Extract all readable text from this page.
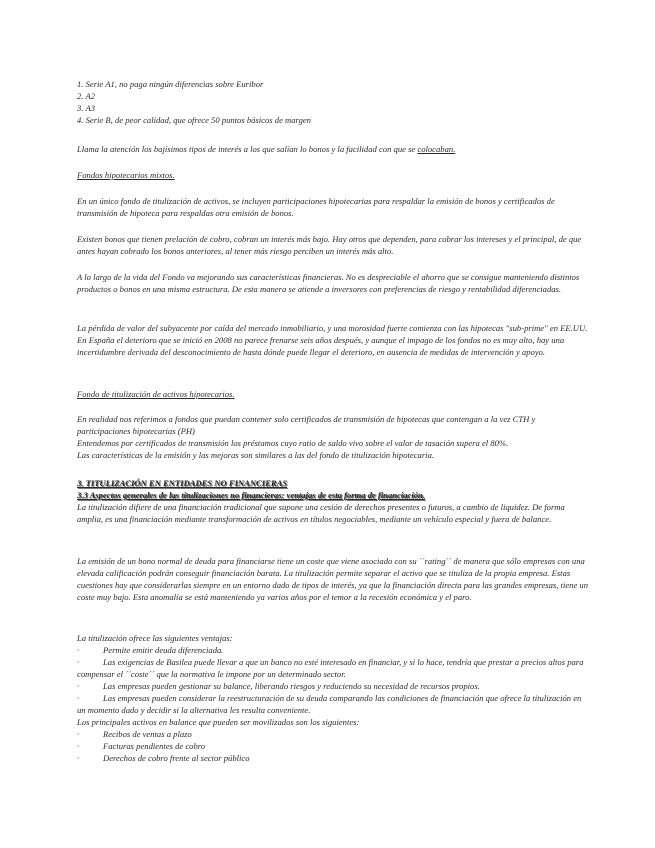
1. Serie A1, no paga ningún diferencias sobre Euribor

2. A2

3. A3

4. Serie B, de peor calidad, que ofrece 50 puntos básicos de margen

Llama la atención los bajísimos tipos de interés a los que salían lo bonos y la facilidad con que se colocaban.

Fondos hipotecarios mixtos.

En un único fondo de titulización de activos, se incluyen participaciones hipotecarias para respaldar la emisión de bonos y certificados de transmisión de hipoteca para respaldas otra emisión de bonos.

Existen bonos que tienen prelación de cobro, cobran un interés más bajo. Hay otros que dependen, para cobrar los intereses y el principal, de que antes hayan cobrado los bonos anteriores, al tener más riesgo perciben un interés más alto.

A lo largo de la vida del Fondo va mejorando sus características financieras. No es despreciable el ahorro que se consigue manteniendo distintos productos o bonos en una misma estructura. De esta manera se atiende a inversores con preferencias de riesgo y rentabilidad diferenciadas.

La pérdida de valor del subyacente por caída del mercado inmobiliario, y una morosidad fuerte comienza con las hipotecas "sub-prime" en EE.UU. En España el deterioro que se inició en 2008 no parece frenarse seis años después, y aunque el impago de los fondos no es muy alto, hay una incertidumbre derivada del desconocimiento de hasta dónde puede llegar el deterioro, en ausencia de medidas de intervención y apoyo.

Fondo de titulización de activos hipotecarios.

En realidad nos referimos a fondos que puedan contener solo certificados de transmisión de hipotecas que contengan a la vez CTH y participaciones hipotecarias (PH)

Entendemos por certificados de transmisión los préstamos cuyo ratio de saldo vivo sobre el valor de tasación supera el 80%.

Las características de la emisión y las mejoras son similares a las del fondo de titulización hipotecaria.

3. TITULIZACIÓN EN ENTIDADES NO FINANCIERAS

3.3 Aspectos generales de las titulizaciones no financieras: ventajas de esta forma de financiación.

La titulización difiere de una financiación tradicional que supone una cesión de derechos presentes o futuros, a cambio de liquidez. De forma amplia, es una financiación mediante transformación de activos en títulos negociables, mediante un vehículo especial y fuera de balance.

La emisión de un bono normal de deuda para financiarse tiene un coste que viene asociado con su ´´rating´´ de manera que sólo empresas con una elevada calificación podrán conseguir financiación barata. La titulización permite separar el activo que se tituliza de la propia empresa. Estas cuestiones hay que considerarlas siempre en un entorno dado de tipos de interés, ya que la financiación directa para las grandes empresas, tiene un coste muy bajo. Esta anomalía se está manteniendo ya varios años por el temor a la recesión económica y el paro.

La titulización ofrece las siguientes ventajas:

·	Permite emitir deuda diferenciada.
·	Las exigencias de Basilea puede llevar a que un banco no esté interesado en financiar, y si lo hace, tendría que prestar a precios altos para compensar el ´´coste´´ que la normativa le impone por un determinado sector.
·	Las empresas pueden gestionar su balance, liberando riesgos y reduciendo su necesidad de recursos propios.
·	Las empresas pueden considerar la reestructuración de su deuda comparando las condiciones de financiación que ofrece la titulización en un momento dado y decidir si la alternativa les resulta conveniente.

Los principales activos en balance que pueden ser movilizados son los siguientes:

·	Recibos de ventas a plazo
·	Facturas pendientes de cobro
·	Derechos de cobro frente al sector público
